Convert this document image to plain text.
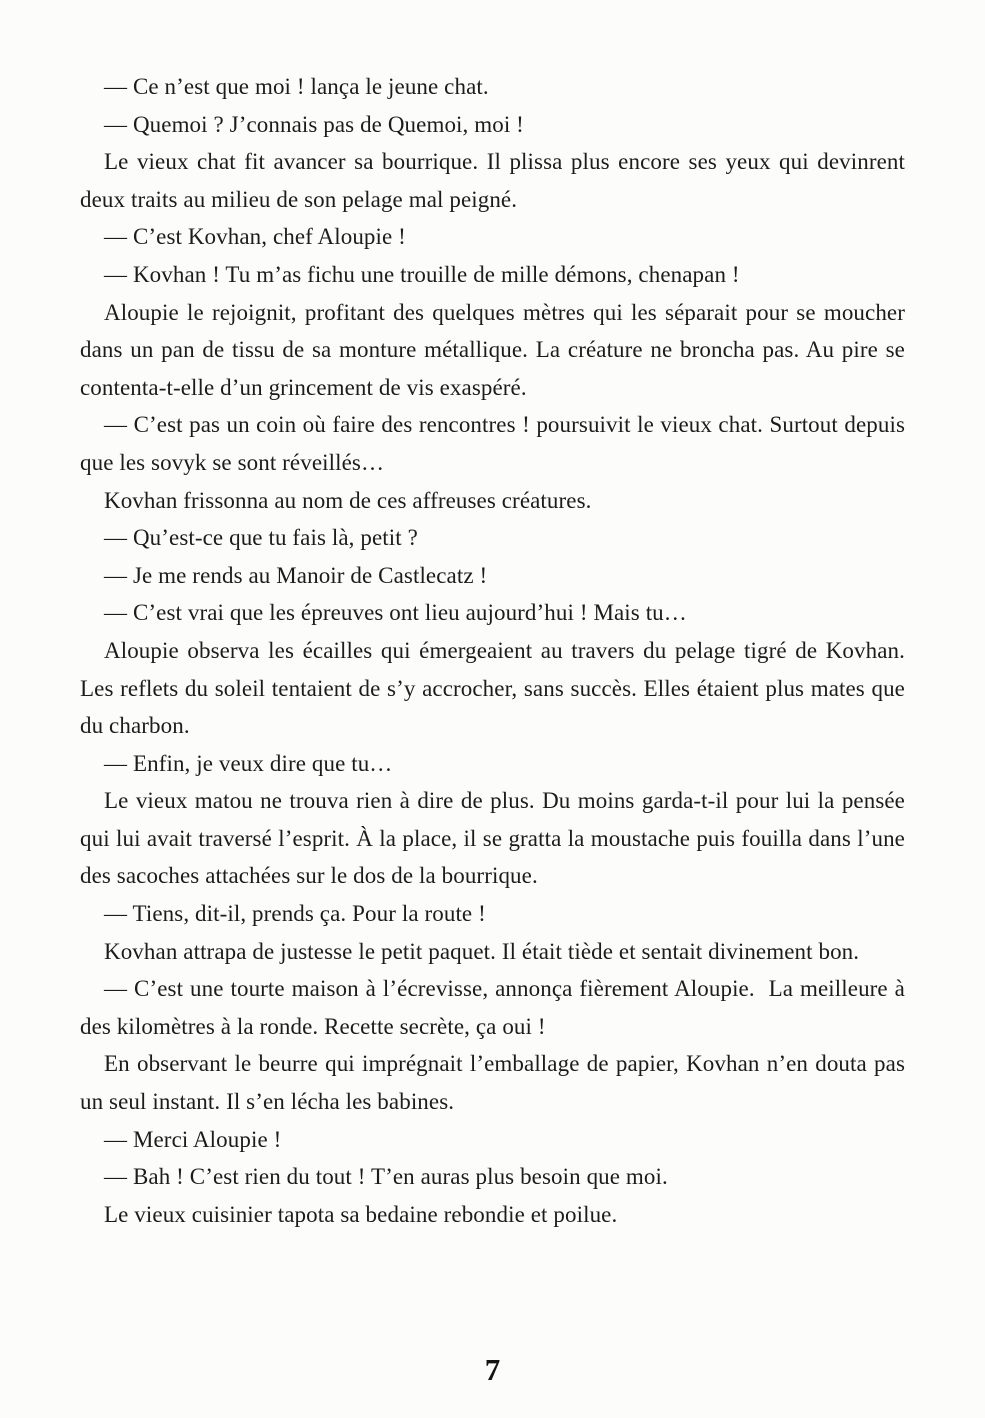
— Ce n’est que moi ! lança le jeune chat.

— Quemoi ? J’connais pas de Quemoi, moi !

Le vieux chat fit avancer sa bourrique. Il plissa plus encore ses yeux qui devinrent deux traits au milieu de son pelage mal peigné.

— C’est Kovhan, chef Aloupie !

— Kovhan ! Tu m’as fichu une trouille de mille démons, chenapan !

Aloupie le rejoignit, profitant des quelques mètres qui les séparait pour se moucher dans un pan de tissu de sa monture métallique. La créature ne broncha pas. Au pire se contenta-t-elle d’un grincement de vis exaspéré.

— C’est pas un coin où faire des rencontres ! poursuivit le vieux chat. Surtout depuis que les sovyk se sont réveillés…

Kovhan frissonna au nom de ces affreuses créatures.

— Qu’est-ce que tu fais là, petit ?

— Je me rends au Manoir de Castlecatz !

— C’est vrai que les épreuves ont lieu aujourd’hui ! Mais tu…

Aloupie observa les écailles qui émergeaient au travers du pelage tigré de Kovhan. Les reflets du soleil tentaient de s’y accrocher, sans succès. Elles étaient plus mates que du charbon.

— Enfin, je veux dire que tu…

Le vieux matou ne trouva rien à dire de plus. Du moins garda-t-il pour lui la pensée qui lui avait traversé l’esprit. À la place, il se gratta la moustache puis fouilla dans l’une des sacoches attachées sur le dos de la bourrique.

— Tiens, dit-il, prends ça. Pour la route !

Kovhan attrapa de justesse le petit paquet. Il était tiède et sentait divinement bon.

— C’est une tourte maison à l’écrevisse, annonça fièrement Aloupie.  La meilleure à des kilomètres à la ronde. Recette secrète, ça oui !

En observant le beurre qui imprégnait l’emballage de papier, Kovhan n’en douta pas un seul instant. Il s’en lécha les babines.

— Merci Aloupie !

— Bah ! C’est rien du tout ! T’en auras plus besoin que moi.

Le vieux cuisinier tapota sa bedaine rebondie et poilue.

7
